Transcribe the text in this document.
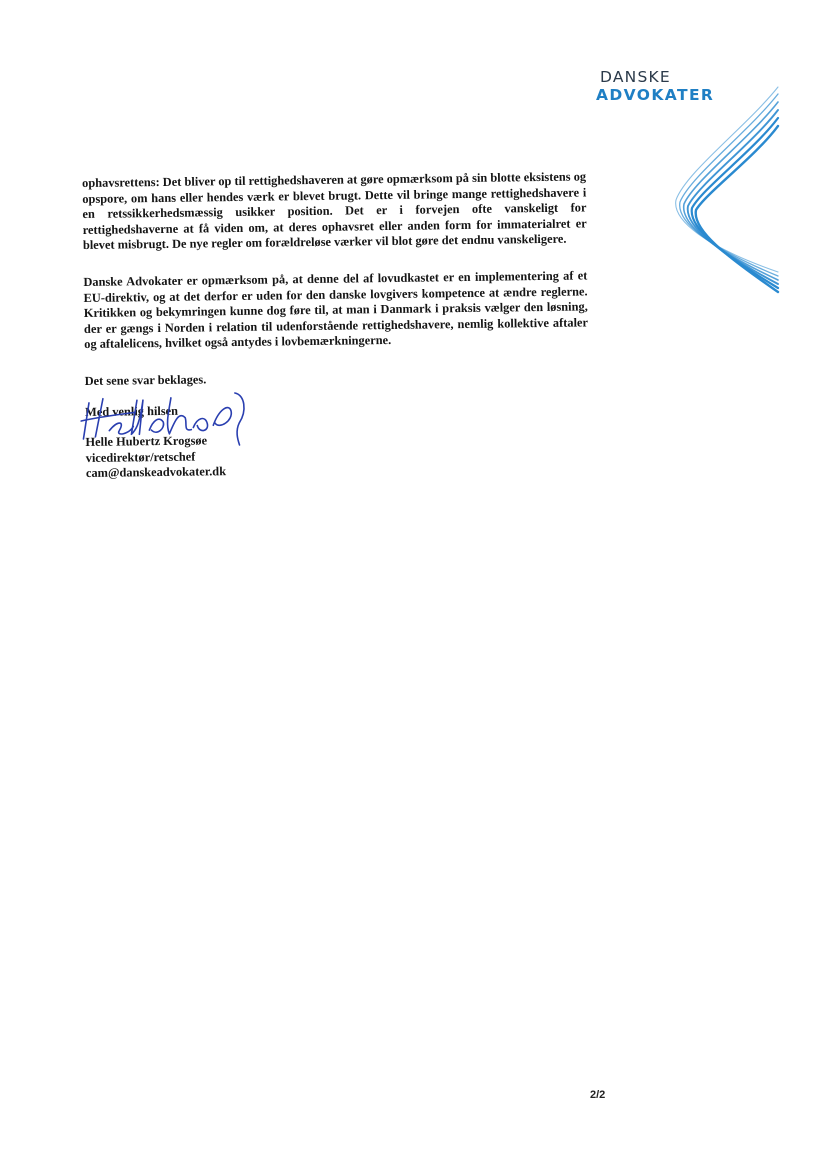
DANSKE
ADVOKATER

ophavsrettens: Det bliver op til rettighedshaveren at gøre opmærksom på sin blotte eksistens og opspore, om hans eller hendes værk er blevet brugt. Dette vil bringe mange rettighedshavere i en retssikkerhedsmæssig usikker position. Det er i forvejen ofte vanskeligt for rettighedshaverne at få viden om, at deres ophavsret eller anden form for immaterialret er blevet misbrugt. De nye regler om forældreløse værker vil blot gøre det endnu vanskeligere.

Danske Advokater er opmærksom på, at denne del af lovudkastet er en implementering af et EU-direktiv, og at det derfor er uden for den danske lovgivers kompetence at ændre reglerne. Kritikken og bekymringen kunne dog føre til, at man i Danmark i praksis vælger den løsning, der er gængs i Norden i relation til udenforstående rettighedshavere, nemlig kollektive aftaler og aftalelicens, hvilket også antydes i lovbemærkningerne.

Det sene svar beklages.

Med venlig hilsen

Helle Hubertz Krogsøe

vicedirektør/retschef

cam@danskeadvokater.dk

2/2
